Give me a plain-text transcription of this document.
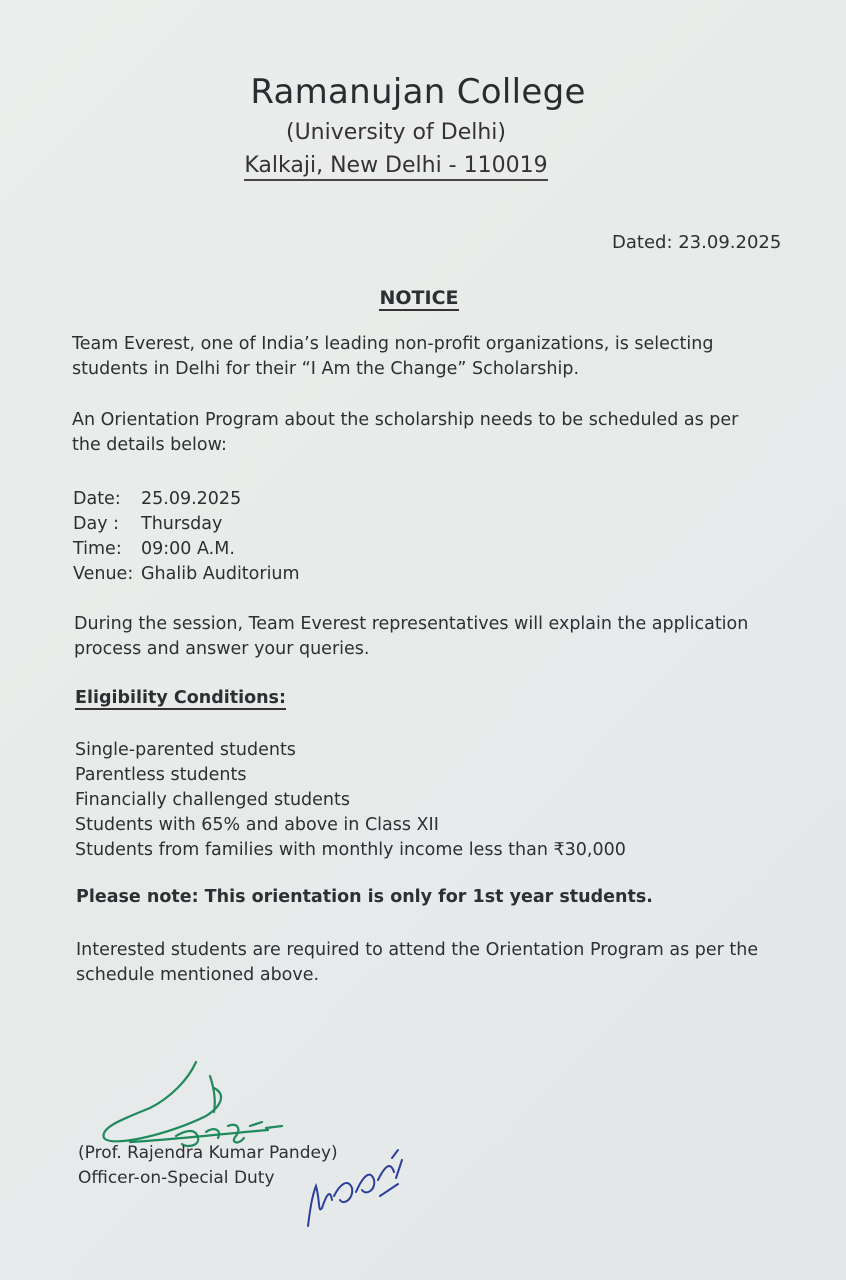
Ramanujan College
(University of Delhi)
Kalkaji, New Delhi - 110019
Dated: 23.09.2025
NOTICE
Team Everest, one of India’s leading non-profit organizations, is selecting students in Delhi for their “I Am the Change” Scholarship.
An Orientation Program about the scholarship needs to be scheduled as per the details below:
Date:	25.09.2025
Day :	Thursday
Time:	09:00 A.M.
Venue: Ghalib Auditorium
During the session, Team Everest representatives will explain the application process and answer your queries.
Eligibility Conditions:
Single-parented students
Parentless students
Financially challenged students
Students with 65% and above in Class XII
Students from families with monthly income less than ₹30,000
Please note: This orientation is only for 1st year students.
Interested students are required to attend the Orientation Program as per the schedule mentioned above.
(Prof. Rajendra Kumar Pandey)
Officer-on-Special Duty
